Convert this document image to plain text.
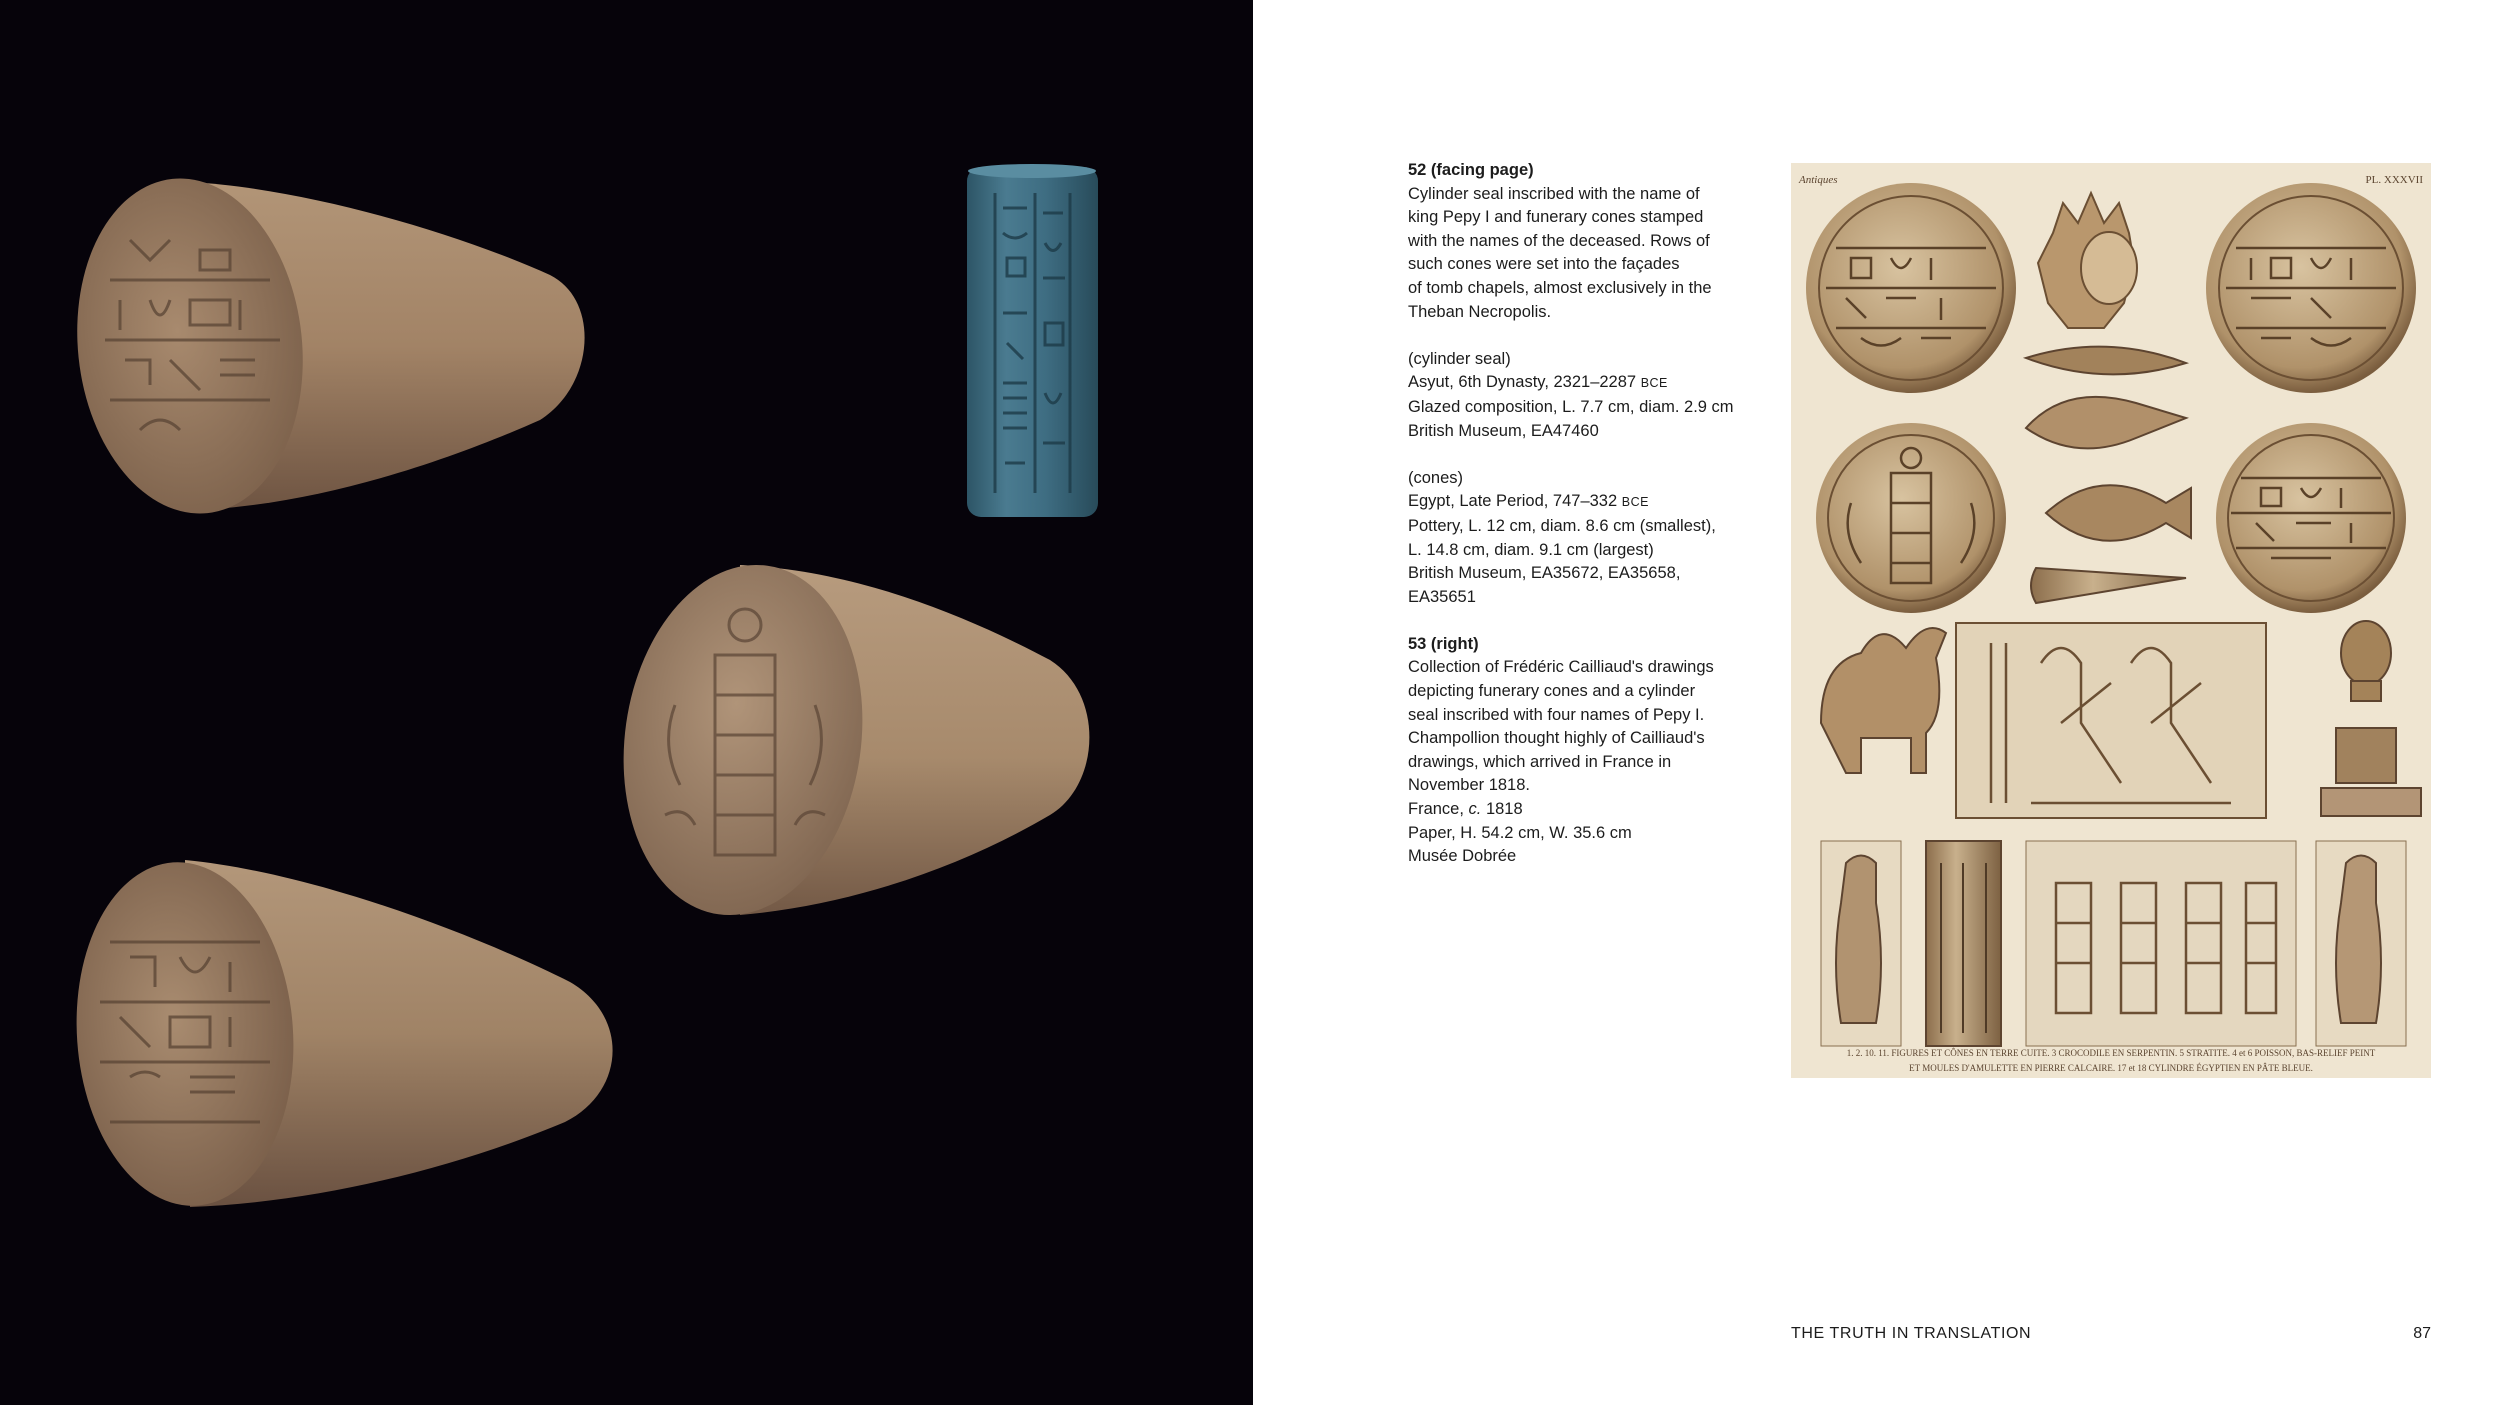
52 (facing page)

Cylinder seal inscribed with the name of

king Pepy I and funerary cones stamped

with the names of the deceased. Rows of

such cones were set into the façades

of tomb chapels, almost exclusively in the

Theban Necropolis.

(cylinder seal)

Asyut, 6th Dynasty, 2321–2287 BCE

Glazed composition, L. 7.7 cm, diam. 2.9 cm

British Museum, EA47460

(cones)

Egypt, Late Period, 747–332 BCE

Pottery, L. 12 cm, diam. 8.6 cm (smallest),

L. 14.8 cm, diam. 9.1 cm (largest)

British Museum, EA35672, EA35658,

EA35651

53 (right)

Collection of Frédéric Cailliaud's drawings

depicting funerary cones and a cylinder

seal inscribed with four names of Pepy I.

Champollion thought highly of Cailliaud's

drawings, which arrived in France in

November 1818.

France, c. 1818

Paper, H. 54.2 cm, W. 35.6 cm

Musée Dobrée

Antiques	PL. XXXVII
1. 2. 10. 11. FIGURES ET CÔNES EN TERRE CUITE. 3 CROCODILE EN SERPENTIN. 5 STRATITE. 4 et 6 POISSON, BAS-RELIEF PEINT
ET MOULES D'AMULETTE EN PIERRE CALCAIRE. 17 et 18 CYLINDRE ÉGYPTIEN EN PÂTE BLEUE.
THE TRUTH IN TRANSLATION	87
